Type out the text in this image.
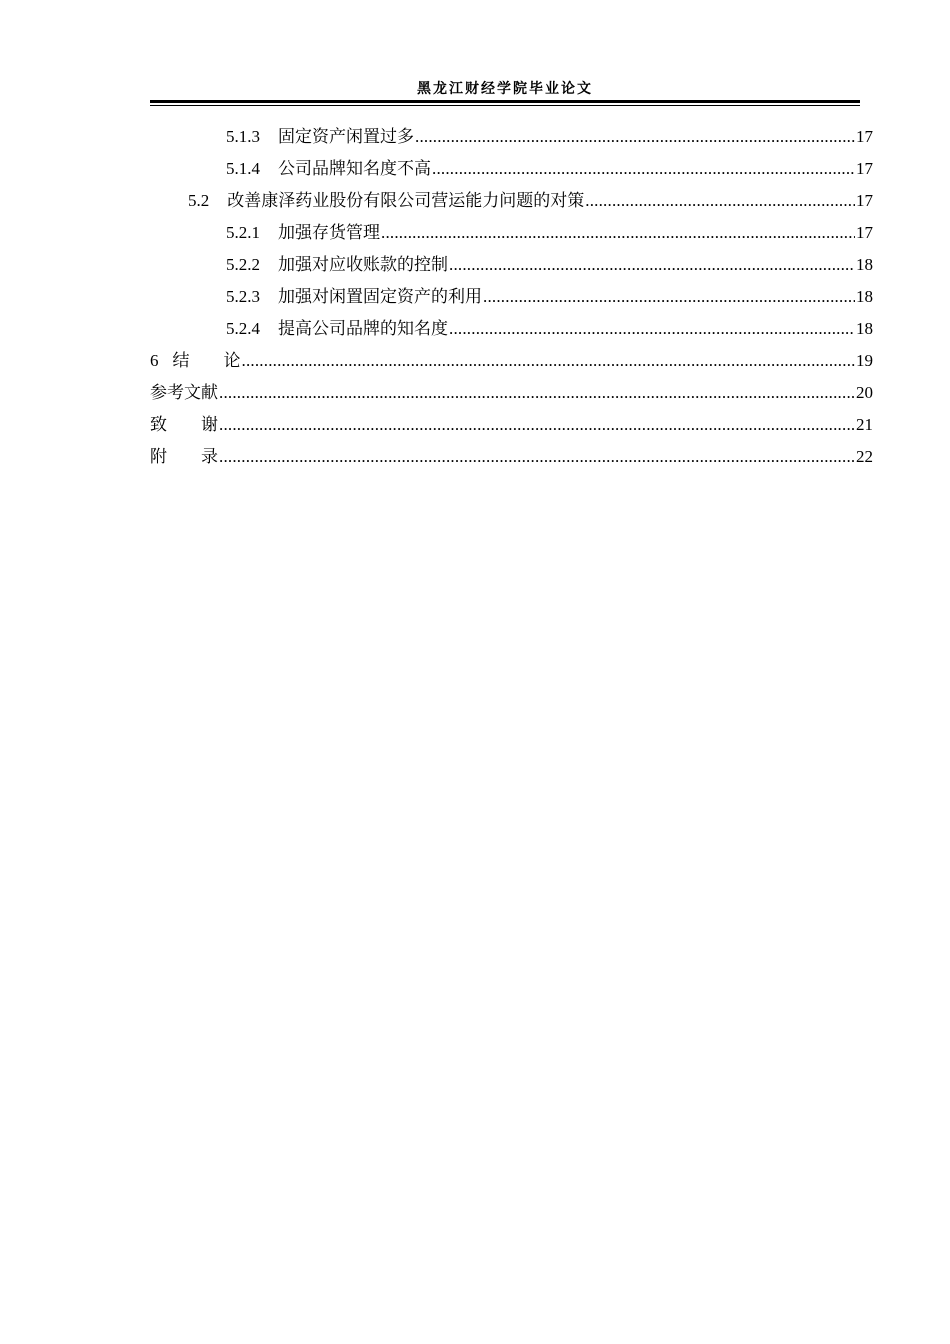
黑龙江财经学院毕业论文
5.1.3 固定资产闲置过多 .....	17
5.1.4 公司品牌知名度不高 .....	17
5.2 改善康泽药业股份有限公司营运能力问题的对策 .....	17
5.2.1 加强存货管理 .....	17
5.2.2 加强对应收账款的控制 .....	18
5.2.3 加强对闲置固定资产的利用 .....	18
5.2.4 提高公司品牌的知名度 .....	18
6 结　　论 .....	19
参考文献 .....	20
致　　谢 .....	21
附　　录 .....	22
